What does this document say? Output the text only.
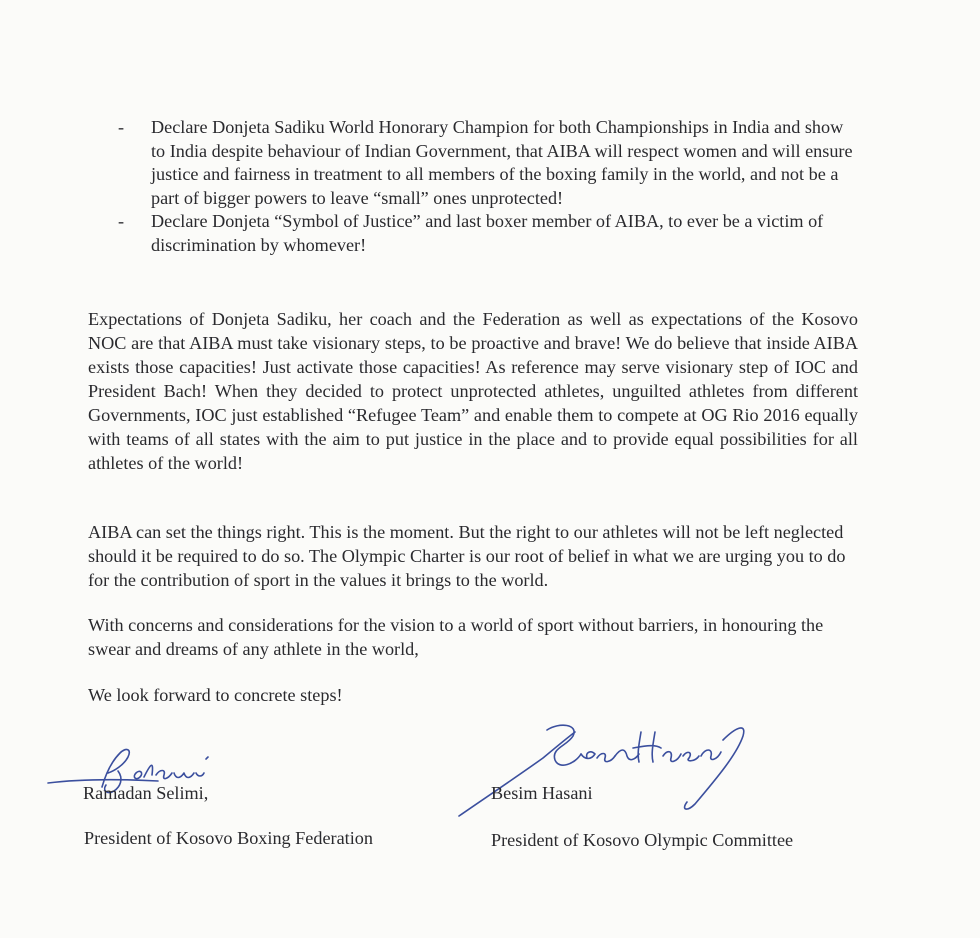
- Declare Donjeta Sadiku World Honorary Champion for both Championships in India and show to India despite behaviour of Indian Government, that AIBA will respect women and will ensure justice and fairness in treatment to all members of the boxing family in the world, and not be a part of bigger powers to leave “small” ones unprotected!
- Declare Donjeta “Symbol of Justice” and last boxer member of AIBA, to ever be a victim of discrimination by whomever!

Expectations of Donjeta Sadiku, her coach and the Federation as well as expectations of the Kosovo NOC are that AIBA must take visionary steps, to be proactive and brave! We do believe that inside AIBA exists those capacities! Just activate those capacities! As reference may serve visionary step of IOC and President Bach! When they decided to protect unprotected athletes, unguilted athletes from different Governments, IOC just established “Refugee Team” and enable them to compete at OG Rio 2016 equally with teams of all states with the aim to put justice in the place and to provide equal possibilities for all athletes of the world!

AIBA can set the things right. This is the moment. But the right to our athletes will not be left neglected should it be required to do so. The Olympic Charter is our root of belief in what we are urging you to do for the contribution of sport in the values it brings to the world.

With concerns and considerations for the vision to a world of sport without barriers, in honouring the swear and dreams of any athlete in the world,

We look forward to concrete steps!

Ramadan Selimi,	Besim Hasani
President of Kosovo Boxing Federation	President of Kosovo Olympic Committee
